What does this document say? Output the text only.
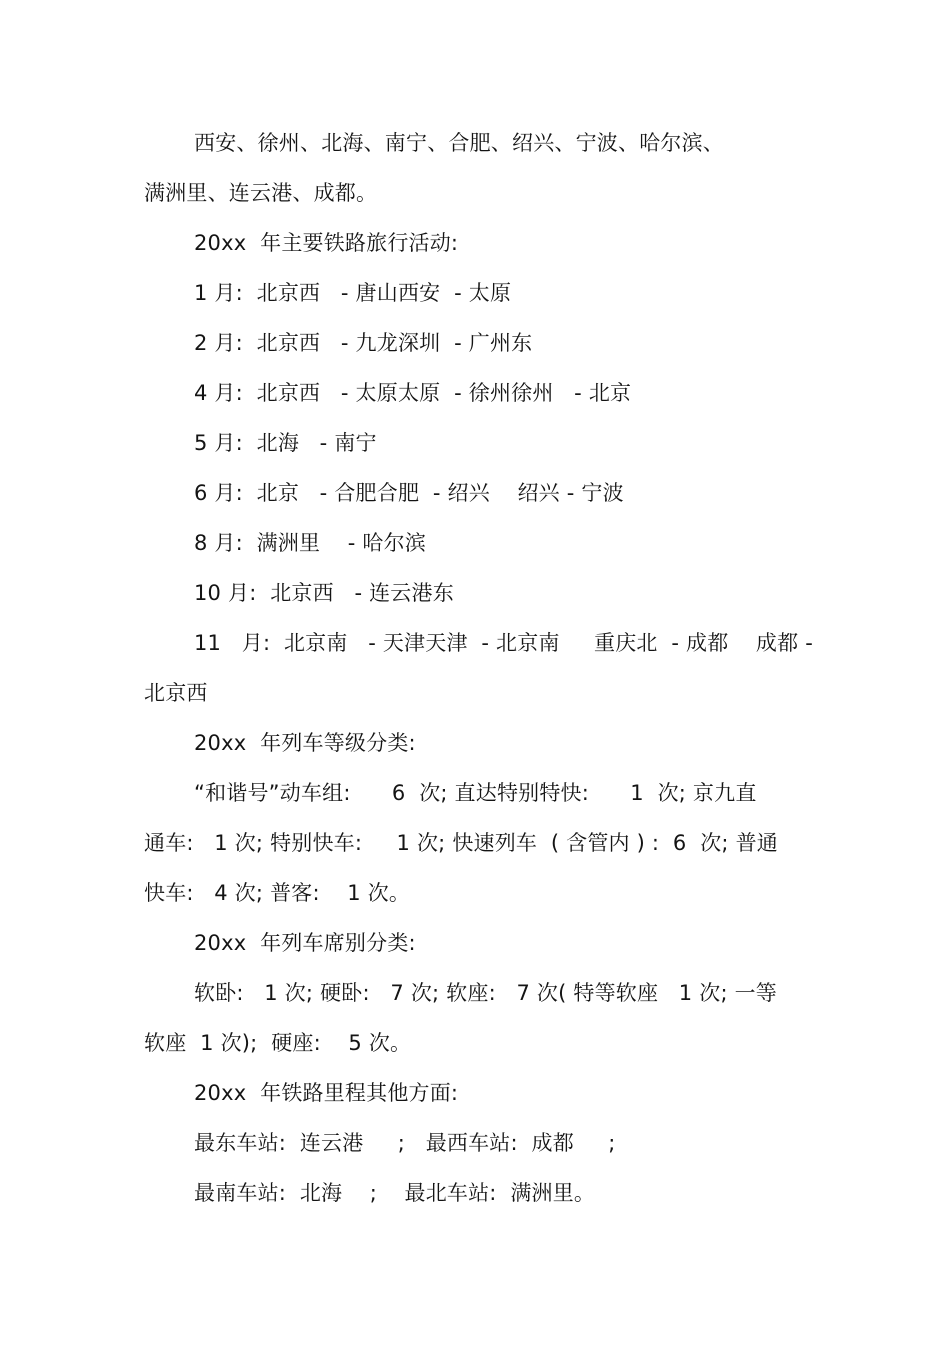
西安、徐州、北海、南宁、合肥、绍兴、宁波、哈尔滨、
满洲里、连云港、成都。
20xx  年主要铁路旅行活动:
1 月:  北京西   - 唐山西安  - 太原
2 月:  北京西   - 九龙深圳  - 广州东
4 月:  北京西   - 太原太原  - 徐州徐州   - 北京
5 月:  北海   - 南宁
6 月:  北京   - 合肥合肥  - 绍兴    绍兴 - 宁波
8 月:  满洲里    - 哈尔滨
10 月:  北京西   - 连云港东
11   月:  北京南   - 天津天津  - 北京南     重庆北  - 成都    成都 -
北京西
20xx  年列车等级分类:
“和谐号”动车组:      6  次; 直达特别特快:      1  次; 京九直
通车:   1 次; 特别快车:     1 次; 快速列车  ( 含管内 ) :  6  次; 普通
快车:   4 次; 普客:    1 次。
20xx  年列车席别分类:
软卧:   1 次; 硬卧:   7 次; 软座:   7 次( 特等软座   1 次; 一等
软座  1 次);  硬座:    5 次。
20xx  年铁路里程其他方面:
最东车站:  连云港     ;   最西车站:  成都     ;
最南车站:  北海    ;    最北车站:  满洲里。
